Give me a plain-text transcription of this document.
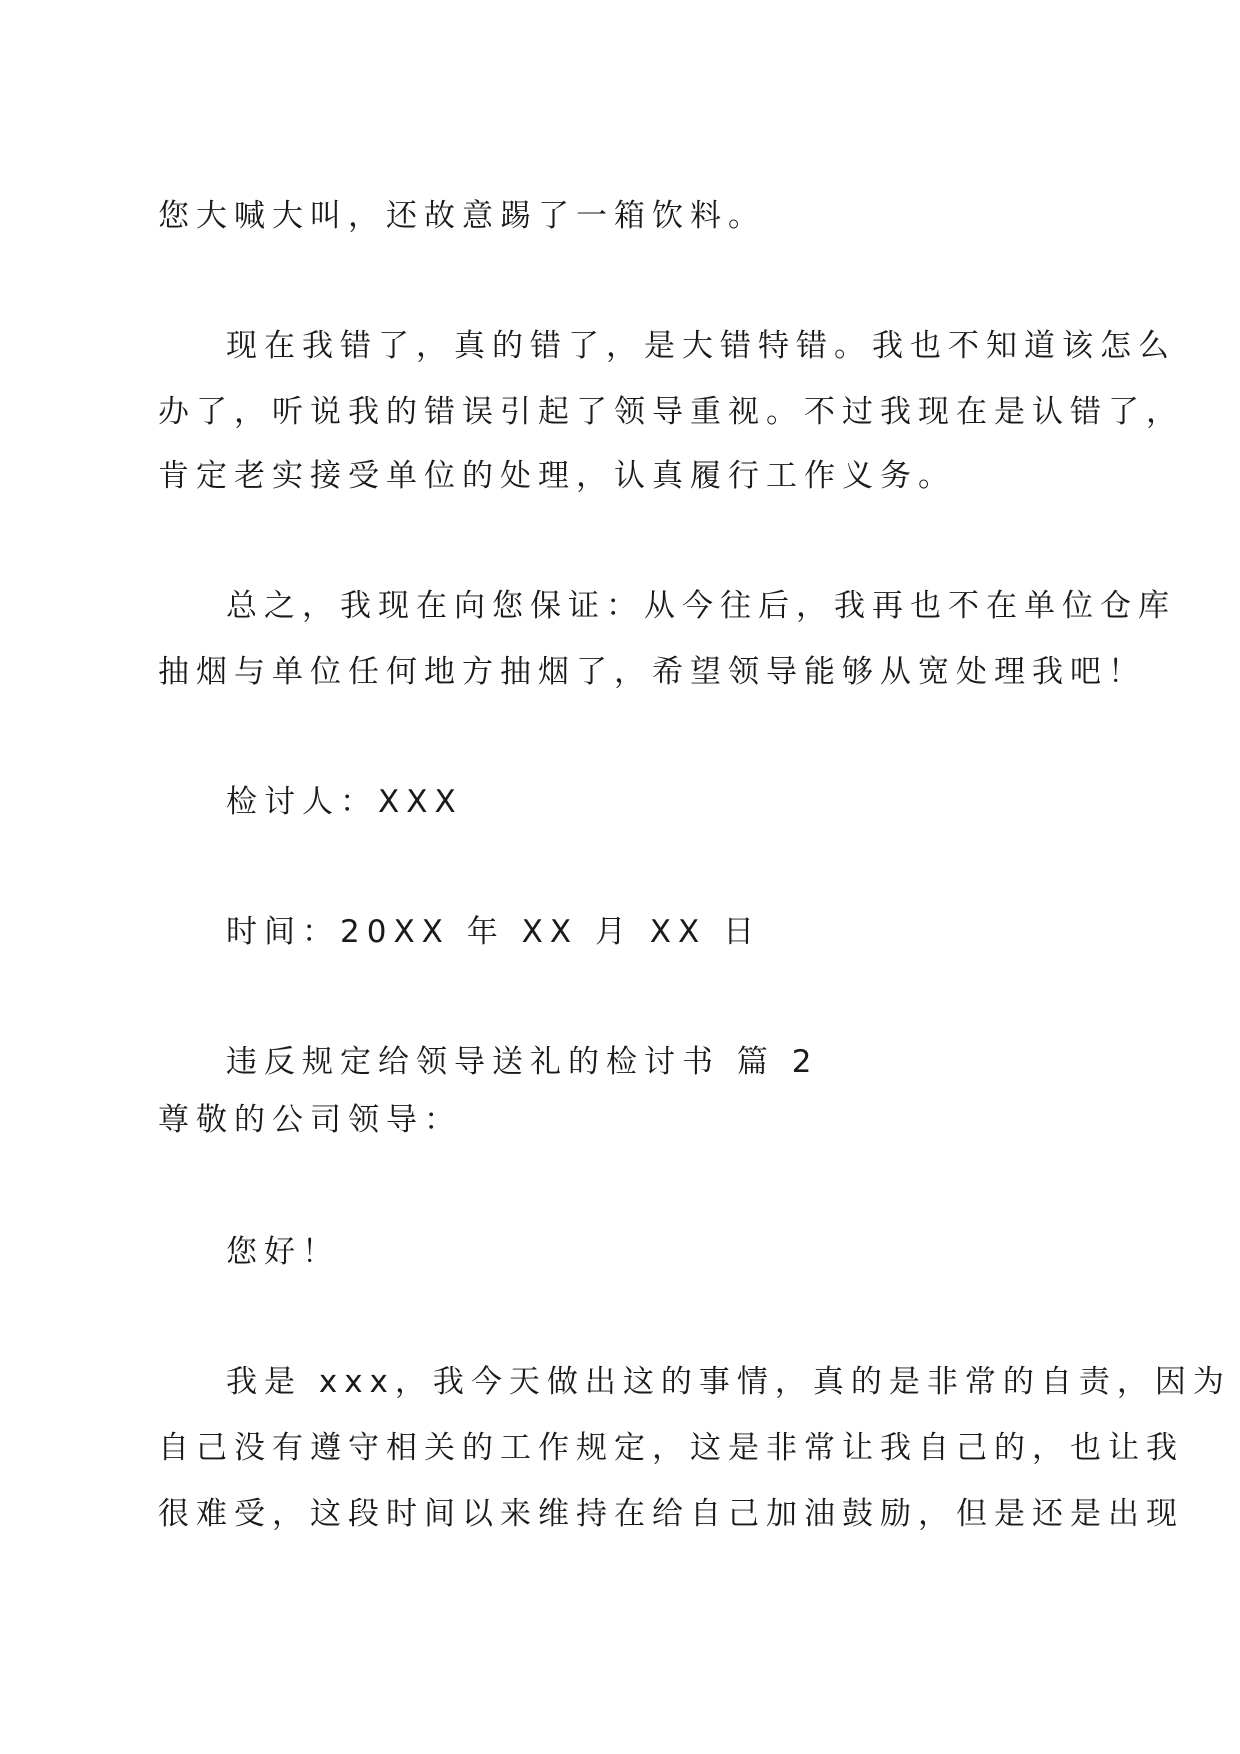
您大喊大叫，还故意踢了一箱饮料。
现在我错了，真的错了，是大错特错。我也不知道该怎么
办了，听说我的错误引起了领导重视。不过我现在是认错了，
肯定老实接受单位的处理，认真履行工作义务。
总之，我现在向您保证：从今往后，我再也不在单位仓库
抽烟与单位任何地方抽烟了，希望领导能够从宽处理我吧！
检讨人：XXX
时间：20XX 年 XX 月 XX 日
违反规定给领导送礼的检讨书 篇 2
尊敬的公司领导：
您好！
我是 xxx，我今天做出这的事情，真的是非常的自责，因为
自己没有遵守相关的工作规定，这是非常让我自己的，也让我
很难受，这段时间以来维持在给自己加油鼓励，但是还是出现
